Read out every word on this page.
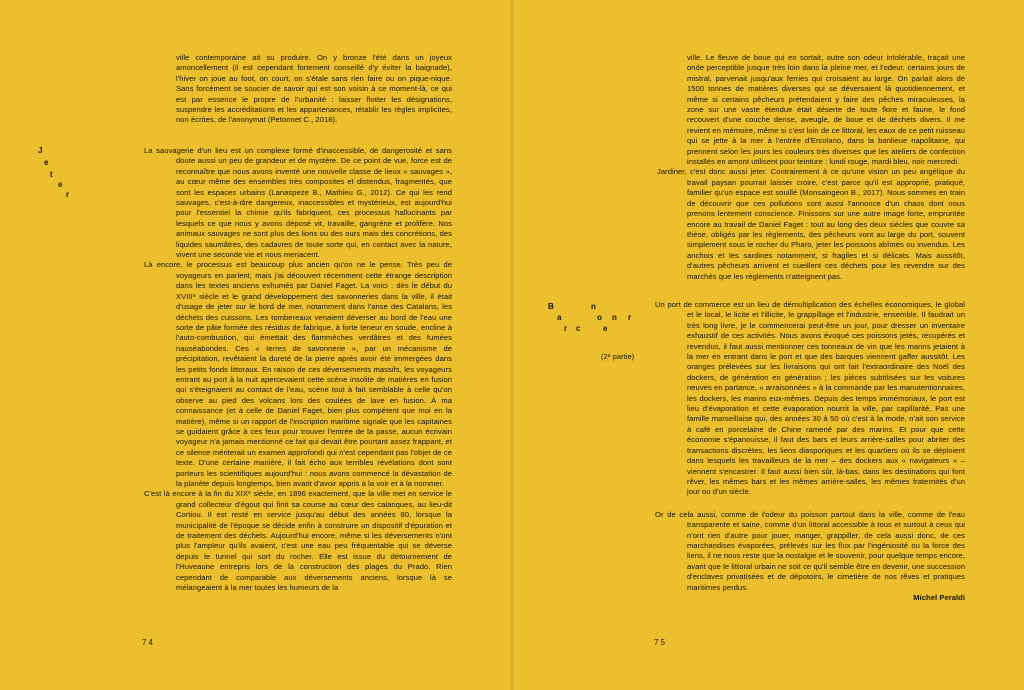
ville contemporaine ait su produire. On y bronze l'été dans un joyeux amoncellement (il est cependant fortement conseillé d'y éviter la baignade), l'hiver on joue au foot, on court, on s'étale sans rien faire ou on pique-nique. Sans forcément se soucier de savoir qui est son voisin à ce moment-là, ce qui est par essence le propre de l'urbanité : laisser flotter les désignations, suspendre les accréditations et les appartenances, rétablir les règles implicites, non écrites, de l'anonymat (Petonnet C., 2018).

J
e
t
e
r

La sauvagerie d'un lieu est un complexe formé d'inaccessible, de dangerosité et sans doute aussi un peu de grandeur et de mystère. De ce point de vue, force est de reconnaître que nous avons inventé une nouvelle classe de lieux « sauvages », au cœur même des ensembles très composites et distendus, fragmentés, que sont les espaces urbains (Lanaspeze B., Mathieu G., 2012). Ce qui les rend sauvages, c'est-à-dire dangereux, inaccessibles et mystérieux, est aujourd'hui pour l'essentiel la chimie qu'ils fabriquent, ces processus hallucinants par lesquels ce que nous y avons déposé vit, travaille, gangrène et prolifère. Nos animaux sauvages ne sont plus des lions ou des ours mais des concrétions, des liquides saumâtres, des cadavres de toute sorte qui, en contact avec la nature, vivent une seconde vie et nous menacent.

Là encore, le processus est beaucoup plus ancien qu'on ne le pense. Très peu de voyageurs en parlent, mais j'ai découvert récemment cette étrange description dans les textes anciens exhumés par Daniel Faget. La voici : dès le début du XVIIIᵉ siècle et le grand développement des savonneries dans la ville, il était d'usage de jeter sur le bord de mer, notamment dans l'anse des Catalans, les déchets des cuissons. Les tombereaux venaient déverser au bord de l'eau une sorte de pâte formée des résidus de fabrique, à forte teneur en soude, encline à l'auto-combustion, qui émettait des flammèches verdâtres et des fumées nauséabondes. Ces « terres de savonnerie », par un mécanisme de précipitation, revêtaient la dureté de la pierre après avoir été immergées dans les petits fonds littoraux. En raison de ces déversements massifs, les voyageurs entrant au port à la nuit apercevaient cette scène insolite de matières en fusion qui s'éteignaient au contact de l'eau, scène tout à fait semblable à celle qu'on observe au pied des volcans lors des coulées de lave en fusion. À ma connaissance (et à celle de Daniel Faget, bien plus compétent que moi en la matière), même si un rapport de l'inscription maritime signale que les capitaines se guidaient grâce à ces feux pour trouver l'entrée de la passe, aucun écrivain voyageur n'a jamais mentionné ce fait qui devait être pourtant assez frappant, et ce silence mériterait un examen approfondi qui n'est cependant pas l'objet de ce texte. D'une certaine manière, il fait écho aux terribles révélations dont sont porteurs les scientifiques aujourd'hui : nous avons commencé la dévastation de la planète depuis longtemps, bien avant d'avoir appris à la voir et à la nommer.

C'est là encore à la fin du XIXᵉ siècle, en 1896 exactement, que la ville met en service le grand collecteur d'égout qui finit sa course au cœur des calanques, au lieu-dit Cortiou. Il est resté en service jusqu'au début des années 80, lorsque la municipalité de l'époque se décide enfin à construire un dispositif d'épuration et de traitement des déchets. Aujourd'hui encore, même si les déversements n'ont plus l'ampleur qu'ils avaient, c'est une eau peu fréquentable qui se déverse depuis le tunnel qui sort du rocher. Elle est issue du détournement de l'Huveaune entrepris lors de la construction des plages du Prado. Rien cependant de comparable aux déversements anciens, lorsque là se mélangeaient à la mer toutes les humeurs de la

74

ville. Le fleuve de boue qui en sortait, outre son odeur intolérable, traçait une onde perceptible jusque très loin dans la pleine mer, et l'odeur, certains jours de mistral, parvenait jusqu'aux ferries qui croisaient au large. On parlait alors de 1500 tonnes de matières diverses qui se déversaient là quotidiennement, et même si certains pêcheurs prétendaient y faire des pêches miraculeuses, la zone sur une vaste étendue était déserte de toute flore et faune, le fond recouvert d'une couche dense, aveugle, de boue et de déchets divers. Il me revient en mémoire, même si c'est loin de ce littoral, les eaux de ce petit ruisseau qui se jette à la mer à l'entrée d'Ercolano, dans la banlieue napolitaine, qui prennent selon les jours les couleurs très diverses que les ateliers de confection installés en amont utilisent pour teinture : lundi rouge, mardi bleu, noir mercredi.

Jardiner, c'est donc aussi jeter. Contrairement à ce qu'une vision un peu angélique du travail paysan pourrait laisser croire, c'est parce qu'il est approprié, pratiqué, familier qu'un espace est souillé (Monsaingeon B., 2017). Nous sommes en train de découvrir que ces pollutions sont aussi l'annonce d'un chaos dont nous prenons lentement conscience. Finissons sur une autre image forte, empruntée encore au travail de Daniel Faget : tout au long des deux siècles que couvre sa thèse, obligés par les règlements, des pêcheurs vont au large du port, souvent simplement sous le rocher du Pharo, jeter les poissons abîmés ou invendus. Les anchois et les sardines notamment, si fragiles et si délicats. Mais aussitôt, d'autres pêcheurs arrivent et cueillent ces déchets pour les revendre sur des marchés que les règlements n'atteignent pas.

B	n
a	o n r
r c	e
(2ᵉ partie)

Un port de commerce est un lieu de démultiplication des échelles économiques, le global et le local, le licite et l'illicite, le grappillage et l'industrie, ensemble. Il faudrait un très long livre, je le commencerai peut-être un jour, pour dresser un inventaire exhaustif de ces activités. Nous avons évoqué ces poissons jetés, récupérés et revendus, il faut aussi mentionner ces tonneaux de vin que les marins jetaient à la mer en entrant dans le port et que des barques viennent gaffer aussitôt. Les oranges prélevées sur les livraisons qui ont fait l'extraordinaire des Noël des dockers, de génération en génération ; les pièces subtilisées sur les voitures neuves en partance, « arraisonnées » à la commande par les manutentionnaires, les dockers, les marins eux-mêmes. Depuis des temps immémoriaux, le port est lieu d'évaporation et cette évaporation nourrit la ville, par capillarité. Pas une famille marseillaise qui, des années 30 à 50 où c'est à la mode, n'ait son service à café en porcelaine de Chine ramené par des marins. Et pour que cette économie s'épanouisse, il faut des bars et leurs arrière-salles pour abriter des transactions discrètes, les liens diasporiques et les quartiers où ils se déploient dans lesquels les travailleurs de la mer – des dockers aux « navigateurs » – viennent s'encastrer. Il faut aussi bien sûr, là-bas, dans les destinations qui font rêver, les mêmes bars et les mêmes arrière-salles, les mêmes fraternités d'un jour ou d'un siècle.

Or de cela aussi, comme de l'odeur du poisson partout dans la ville, comme de l'eau transparente et saine, comme d'un littoral accessible à tous et surtout à ceux qui n'ont rien d'autre pour jouer, manger, grappiller, de cela aussi donc, de ces marchandises évaporées, prélevés sur les flux par l'ingéniosité ou la force des liens, il ne nous reste que la nostalgie et le souvenir, pour quelque temps encore, avant que le littoral urbain ne soit ce qu'il semble être en devenir, une succession d'enclaves privatisées et de dépotoirs, le cimetière de nos rêves et pratiques maritimes perdus.

Michel Peraldi

75
